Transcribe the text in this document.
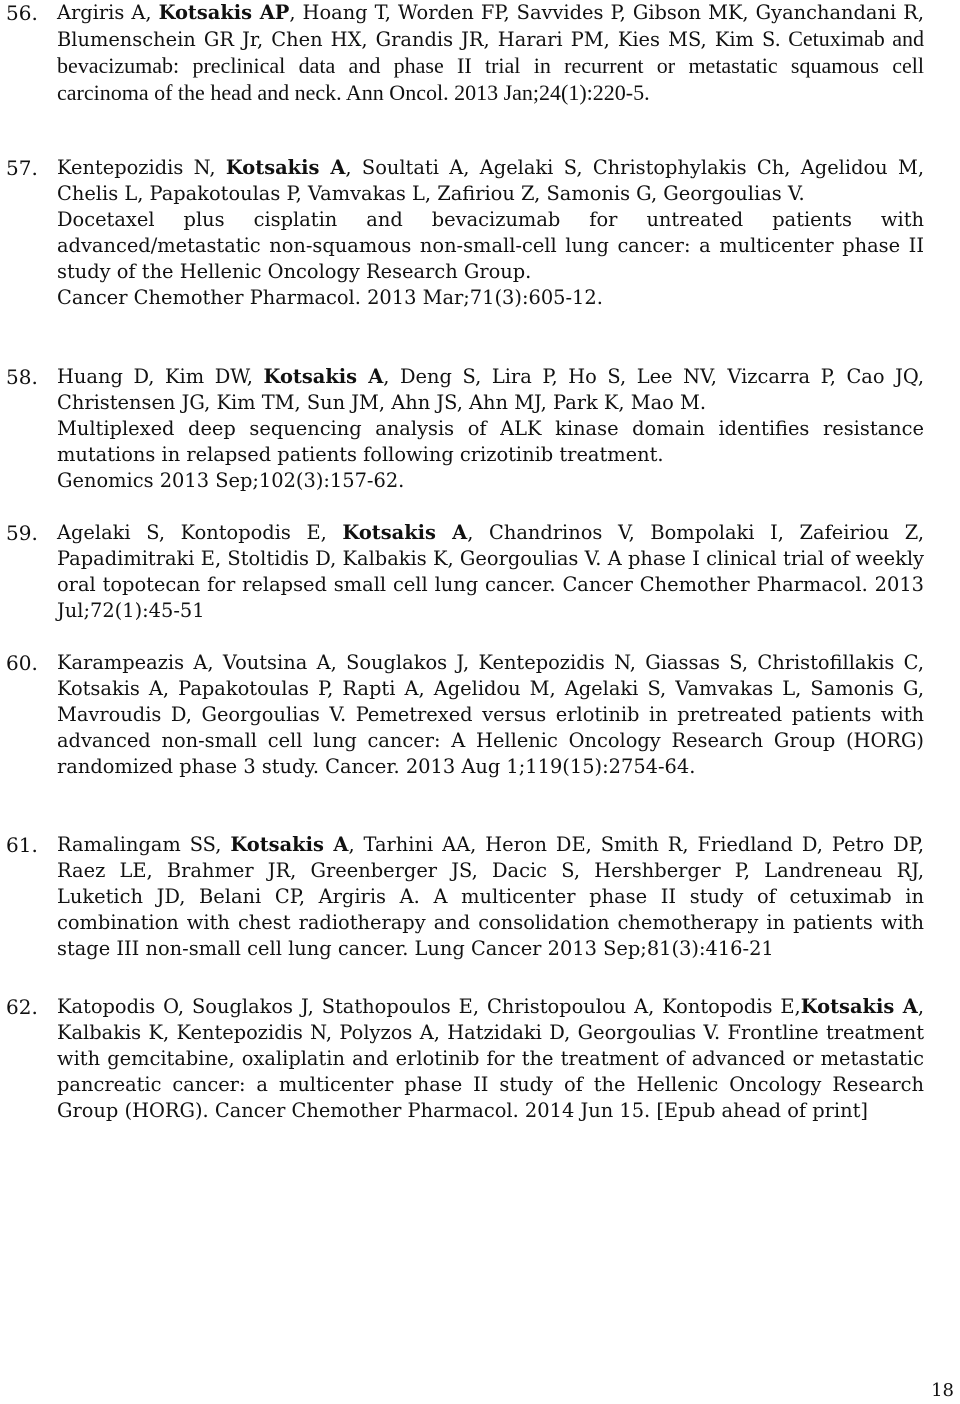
56. Argiris A, Kotsakis AP, Hoang T, Worden FP, Savvides P, Gibson MK, Gyanchandani R, Blumenschein GR Jr, Chen HX, Grandis JR, Harari PM, Kies MS, Kim S. Cetuximab and bevacizumab: preclinical data and phase II trial in recurrent or metastatic squamous cell carcinoma of the head and neck. Ann Oncol. 2013 Jan;24(1):220-5.
57. Kentepozidis N, Kotsakis A, Soultati A, Agelaki S, Christophylakis Ch, Agelidou M, Chelis L, Papakotoulas P, Vamvakas L, Zafiriou Z, Samonis G, Georgoulias V.
Docetaxel plus cisplatin and bevacizumab for untreated patients with advanced/metastatic non-squamous non-small-cell lung cancer: a multicenter phase II study of the Hellenic Oncology Research Group.
Cancer Chemother Pharmacol. 2013 Mar;71(3):605-12.
58. Huang D, Kim DW, Kotsakis A, Deng S, Lira P, Ho S, Lee NV, Vizcarra P, Cao JQ, Christensen JG, Kim TM, Sun JM, Ahn JS, Ahn MJ, Park K, Mao M.
Multiplexed deep sequencing analysis of ALK kinase domain identifies resistance mutations in relapsed patients following crizotinib treatment.
Genomics 2013 Sep;102(3):157-62.
59. Agelaki S, Kontopodis E, Kotsakis A, Chandrinos V, Bompolaki I, Zafeiriou Z, Papadimitraki E, Stoltidis D, Kalbakis K, Georgoulias V. A phase I clinical trial of weekly oral topotecan for relapsed small cell lung cancer. Cancer Chemother Pharmacol. 2013 Jul;72(1):45-51
60. Karampeazis A, Voutsina A, Souglakos J, Kentepozidis N, Giassas S, Christofillakis C, Kotsakis A, Papakotoulas P, Rapti A, Agelidou M, Agelaki S, Vamvakas L, Samonis G, Mavroudis D, Georgoulias V. Pemetrexed versus erlotinib in pretreated patients with advanced non-small cell lung cancer: A Hellenic Oncology Research Group (HORG) randomized phase 3 study. Cancer. 2013 Aug 1;119(15):2754-64.
61. Ramalingam SS, Kotsakis A, Tarhini AA, Heron DE, Smith R, Friedland D, Petro DP, Raez LE, Brahmer JR, Greenberger JS, Dacic S, Hershberger P, Landreneau RJ, Luketich JD, Belani CP, Argiris A. A multicenter phase II study of cetuximab in combination with chest radiotherapy and consolidation chemotherapy in patients with stage III non-small cell lung cancer. Lung Cancer 2013 Sep;81(3):416-21
62. Katopodis O, Souglakos J, Stathopoulos E, Christopoulou A, Kontopodis E,Kotsakis A, Kalbakis K, Kentepozidis N, Polyzos A, Hatzidaki D, Georgoulias V. Frontline treatment with gemcitabine, oxaliplatin and erlotinib for the treatment of advanced or metastatic pancreatic cancer: a multicenter phase II study of the Hellenic Oncology Research Group (HORG). Cancer Chemother Pharmacol. 2014 Jun 15. [Epub ahead of print]
18
